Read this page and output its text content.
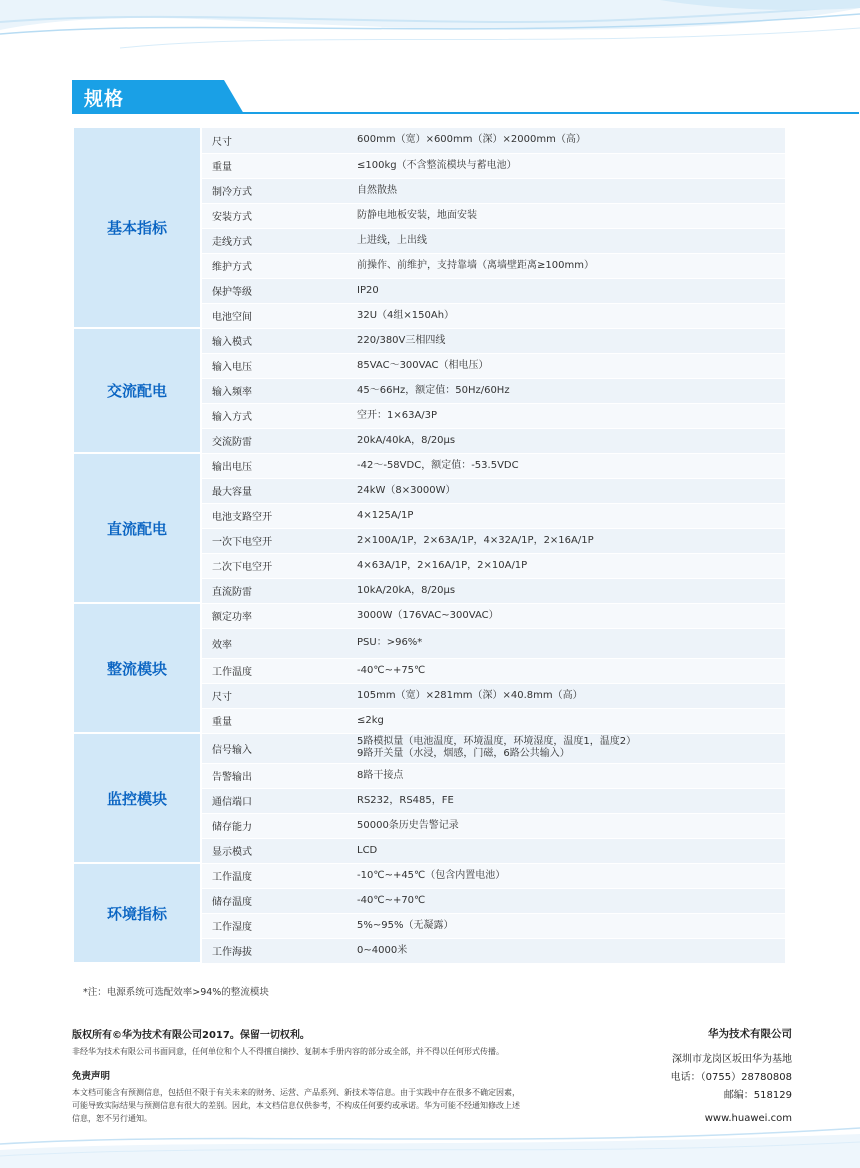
规格
基本指标	尺寸	600mm（宽）×600mm（深）×2000mm（高）

	重量	≤100kg（不含整流模块与蓄电池）

	制冷方式	自然散热

	安装方式	防静电地板安装，地面安装

	走线方式	上进线，上出线

	维护方式	前操作、前维护，支持靠墙（离墙壁距离≥100mm）

	保护等级	IP20

	电池空间	32U（4组×150Ah）

交流配电	输入模式	220/380V三相四线

	输入电压	85VAC～300VAC（相电压）

	输入频率	45～66Hz，额定值：50Hz/60Hz

	输入方式	空开：1×63A/3P

	交流防雷	20kA/40kA，8/20μs

直流配电	输出电压	-42～-58VDC，额定值：-53.5VDC

	最大容量	24kW（8×3000W）

	电池支路空开	4×125A/1P

	一次下电空开	2×100A/1P，2×63A/1P，4×32A/1P，2×16A/1P

	二次下电空开	4×63A/1P，2×16A/1P，2×10A/1P

	直流防雷	10kA/20kA，8/20μs

整流模块	额定功率	3000W（176VAC~300VAC）

	效率	PSU：>96%*

	工作温度	-40℃~+75℃

	尺寸	105mm（宽）×281mm（深）×40.8mm（高）

	重量	≤2kg

监控模块	信号输入	5路模拟量（电池温度，环境温度，环境湿度，温度1，温度2）
9路开关量（水浸，烟感，门磁，6路公共输入）

	告警输出	8路干接点

	通信端口	RS232，RS485，FE

	储存能力	50000条历史告警记录

	显示模式	LCD

环境指标	工作温度	-10℃~+45℃（包含内置电池）

	储存温度	-40℃~+70℃

	工作湿度	5%~95%（无凝露）

	工作海拔	0~4000米
*注：电源系统可选配效率>94%的整流模块
版权所有©华为技术有限公司2017。保留一切权利。
非经华为技术有限公司书面同意，任何单位和个人不得擅自摘抄、复制本手册内容的部分或全部，并不得以任何形式传播。
免责声明
本文档可能含有预测信息，包括但不限于有关未来的财务、运营、产品系列、新技术等信息。由于实践中存在很多不确定因素，
可能导致实际结果与预测信息有很大的差别。因此，本文档信息仅供参考，不构成任何要约或承诺。华为可能不经通知修改上述
信息，恕不另行通知。
华为技术有限公司
深圳市龙岗区坂田华为基地
电话：（0755）28780808
邮编：518129
www.huawei.com
